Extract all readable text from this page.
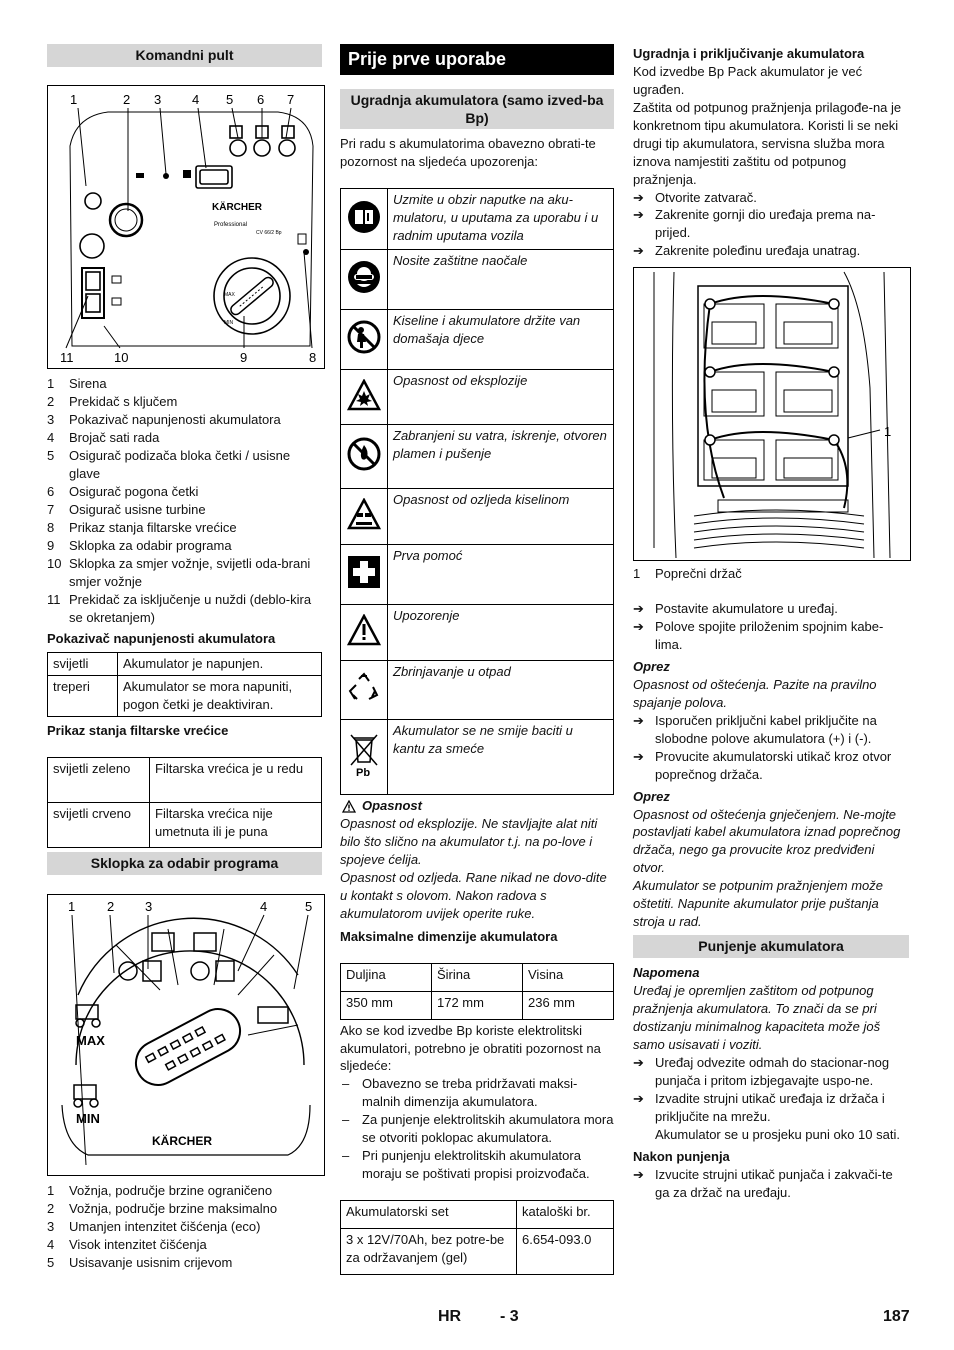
Komandni pult
1	2 3 4 5 6 7
11	10	9	8
KÄRCHER
Professional
CV 66/2 Bp
MAX
MIN
1	Sirena
2	Prekidač s ključem
3	Pokazivač napunjenosti akumulatora
4	Brojač sati rada
5	Osigurač podizača bloka četki / usisne glave
6	Osigurač pogona četki
7	Osigurač usisne turbine
8	Prikaz stanja filtarske vrećice
9	Sklopka za odabir programa
10 Sklopka za smjer vožnje, svijetli oda-brani smjer vožnje
11 Prekidač za isključenje u nuždi (deblo-kira se okretanjem)
Pokazivač napunjenosti akumulatora
svijetli	Akumulator je napunjen.
treperi	Akumulator se mora napuniti, pogon četki je deaktiviran.
Prikaz stanja filtarske vrećice
svijetli zeleno	Filtarska vrećica je u redu
svijetli crveno	Filtarska vrećica nije umetnuta ili je puna
Sklopka za odabir programa
1 2 3	4	5
MAX
MIN
KÄRCHER
1	Vožnja, područje brzine ograničeno
2	Vožnja, područje brzine maksimalno
3	Umanjen intenzitet čišćenja (eco)
4	Visok intenzitet čišćenja
5	Usisavanje usisnim crijevom
Prije prve uporabe
Ugradnja akumulatora (samo izved-ba Bp)
Pri radu s akumulatorima obavezno obrati-te pozornost na sljedeća upozorenja:
	Uzmite u obzir naputke na aku-mulatoru, u uputama za uporabu i u radnim uputama vozila
	Nosite zaštitne naočale
	Kiseline i akumulatore držite van domašaja djece
	Opasnost od eksplozije
	Zabranjeni su vatra, iskrenje, otvoren plamen i pušenje
	Opasnost od ozljeda kiselinom
	Prva pomoć
	Upozorenje
	Zbrinjavanje u otpad

Pb	Akumulator se ne smije baciti u kantu za smeće
Opasnost
Opasnost od eksplozije. Ne stavljajte alat niti bilo što slično na akumulator t.j. na po-love i spojeve ćelija.
Opasnost od ozljeda. Rane nikad ne dovo-dite u kontakt s olovom. Nakon radova s akumulatorom uvijek operite ruke.
Maksimalne dimenzije akumulatora
Duljina	Širina	Visina
350 mm	172 mm	236 mm
Ako se kod izvedbe Bp koriste elektrolitski akumulatori, potrebno je obratiti pozornost na sljedeće:
– Obavezno se treba pridržavati maksi-malnih dimenzija akumulatora.
– Za punjenje elektrolitskih akumulatora mora se otvoriti poklopac akumulatora.
– Pri punjenju elektrolitskih akumulatora moraju se poštivati propisi proizvođača.
Akumulatorski set	kataloški br.
3 x 12V/70Ah, bez potre-be za održavanjem (gel)	6.654-093.0
Ugradnja i priključivanje akumulatora
Kod izvedbe Bp Pack akumulator je već ugrađen.
Zaštita od potpunog pražnjenja prilagođe-na je konkretnom tipu akumulatora. Koristi li se neki drugi tip akumulatora, servisna služba mora iznova namjestiti zaštitu od potpunog pražnjenja.
➔ Otvorite zatvarač.
➔ Zakrenite gornji dio uređaja prema na-prijed.
➔ Zakrenite poleđinu uređaja unatrag.
1
1	Poprečni držač
➔ Postavite akumulatore u uređaj.
➔ Polove spojite priloženim spojnim kabe-lima.
Oprez
Opasnost od oštećenja. Pazite na pravilno spajanje polova.
➔ Isporučen priključni kabel priključite na slobodne polove akumulatora (+) i (-).
➔ Provucite akumulatorski utikač kroz otvor poprečnog držača.
Oprez
Opasnost od oštećenja gnječenjem. Ne-mojte postavljati kabel akumulatora iznad poprečnog držača, nego ga provucite kroz predviđeni otvor.
Akumulator se potpunim pražnjenjem može oštetiti. Napunite akumulator prije puštanja stroja u rad.
Punjenje akumulatora
Napomena
Uređaj je opremljen zaštitom od potpunog pražnjenja akumulatora. To znači da se pri dostizanju minimalnog kapaciteta može još samo usisavati i voziti.
➔ Uređaj odvezite odmah do stacionar-nog punjača i pritom izbjegavajte uspo-ne.
➔ Izvadite strujni utikač uređaja iz držača i priključite na mrežu.
Akumulator se u prosjeku puni oko 10 sati.
Nakon punjenja
➔ Izvucite strujni utikač punjača i zakvači-te ga za držač na uređaju.
HR - 3	187
